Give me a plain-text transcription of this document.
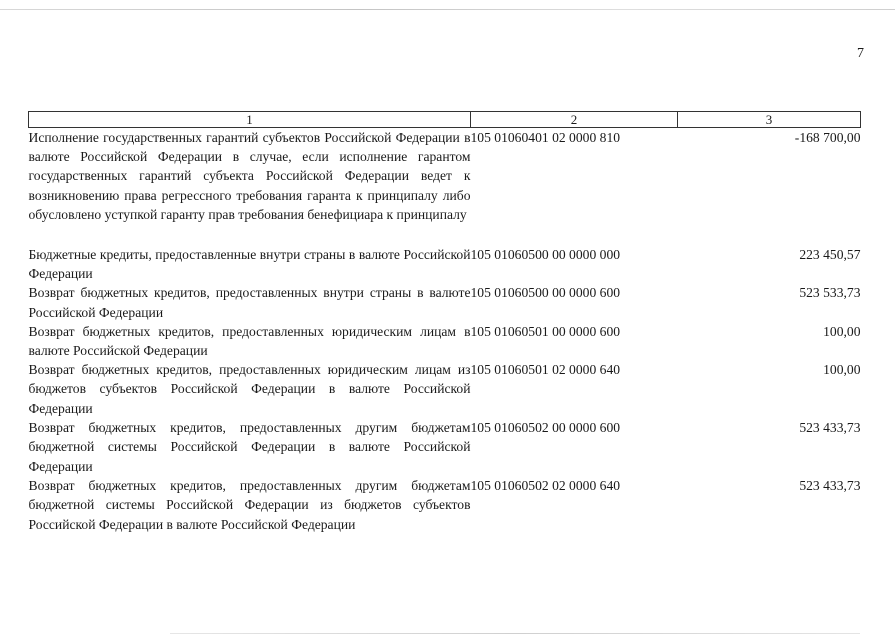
7
1	2	3
Исполнение государственных гарантий субъектов Российской Федерации в валюте Российской Федерации в случае, если исполнение гарантом государственных гарантий субъекта Российской Федерации ведет к возникновению права регрессного требования гаранта к принципалу либо обусловлено уступкой гаранту прав требования бенефициара к принципалу	105 01060401 02 0000 810	-168 700,00
Бюджетные кредиты, предоставленные внутри страны в валюте Российской Федерации	105 01060500 00 0000 000	223 450,57
Возврат бюджетных кредитов, предоставленных внутри страны в валюте Российской Федерации	105 01060500 00 0000 600	523 533,73
Возврат бюджетных кредитов, предоставленных юридическим лицам в валюте Российской Федерации	105 01060501 00 0000 600	100,00
Возврат бюджетных кредитов, предоставленных юридическим лицам из бюджетов субъектов Российской Федерации в валюте Российской Федерации	105 01060501 02 0000 640	100,00
Возврат бюджетных кредитов, предоставленных другим бюджетам бюджетной системы Российской Федерации в валюте Российской Федерации	105 01060502 00 0000 600	523 433,73
Возврат бюджетных кредитов, предоставленных другим бюджетам бюджетной системы Российской Федерации из бюджетов субъектов Российской Федерации в валюте Российской Федерации	105 01060502 02 0000 640	523 433,73
